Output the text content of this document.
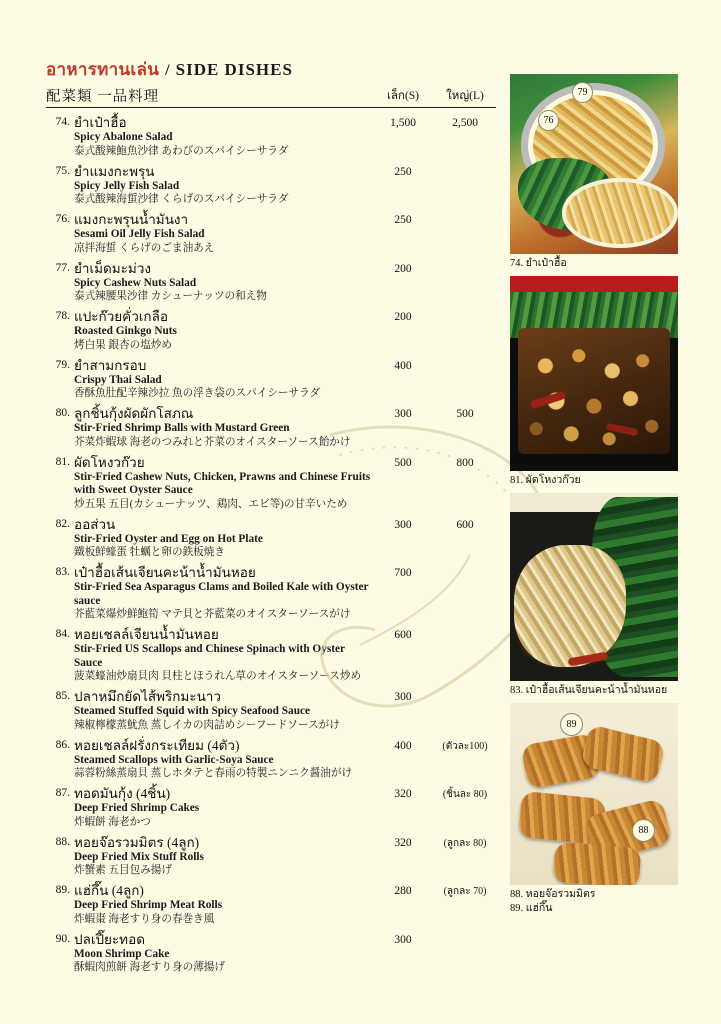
อาหารทานเล่น / SIDE DISHES
配菜類 一品料理	เล็ก(S)	ใหญ่(L)
74. ยำเป๋าฮื้อ
Spicy Abalone Salad
泰式酸辣鮑魚沙律 あわびのスパイシーサラダ
1,500	2,500
75. ยำแมงกะพรุน
Spicy Jelly Fish Salad
泰式酸辣海蜇沙律 くらげのスパイシーサラダ
250
76. แมงกะพรุนน้ำมันงา
Sesami Oil Jelly Fish Salad
凉拌海蜇 くらげのごま油あえ
250
77. ยำเม็ดมะม่วง
Spicy Cashew Nuts Salad
泰式辣腰果沙律 カシューナッツの和え物
200
78. แปะก๊วยคั่วเกลือ
Roasted Ginkgo Nuts
烤白果 銀杏の塩炒め
200
79. ยำสามกรอบ
Crispy Thai Salad
香酥魚肚配辛辣沙拉 魚の浮き袋のスパイシーサラダ
400
80. ลูกชิ้นกุ้งผัดผักโสภณ
Stir-Fried Shrimp Balls with Mustard Green
芥菜炸蝦球 海老のつみれと芥菜のオイスターソース飴かけ
300	500
81. ผัดโหงวก๊วย
Stir-Fried Cashew Nuts, Chicken, Prawns and Chinese Fruits with Sweet Oyster Sauce
炒五果 五目(カシューナッツ、鶏肉、エビ等)の甘辛いため
500	800
82. ออส่วน
Stir-Fried Oyster and Egg on Hot Plate
鐵板鮮蠔蛋 牡蠣と卵の鉄板焼き
300	600
83. เป๋าฮื้อเส้นเจียนคะน้าน้ำมันหอย
Stir-Fried Sea Asparagus Clams and Boiled Kale with Oyster sauce
芥藍菜爆炒鮮鮑筍 マテ貝と芥藍菜のオイスターソースがけ
700
84. หอยเชลล์เจียนน้ำมันหอย
Stir-Fried US Scallops and Chinese Spinach with Oyster Sauce
菠菜蠔油炒扇貝肉 貝柱とほうれん草のオイスターソース炒め
600
85. ปลาหมึกยัดไส้พริกมะนาว
Steamed Stuffed Squid with Spicy Seafood Sauce
辣椒檸檬蒸魷魚 蒸しイカの肉詰めシーフードソースがけ
300
86. หอยเชลล์ฝรั่งกระเทียม (4ตัว)
Steamed Scallops with Garlic-Soya Sauce
蒜蓉粉絲蒸扇貝 蒸しホタテと春雨の特製ニンニク醤油がけ
400	(ตัวละ100)
87. ทอดมันกุ้ง (4ชิ้น)
Deep Fried Shrimp Cakes
炸蝦餅 海老かつ
320	(ชิ้นละ 80)
88. หอยจ๊อรวมมิตร (4ลูก)
Deep Fried Mix Stuff Rolls
炸蟹素 五目包み揚げ
320	(ลูกละ 80)
89. แฮ่กึ๊น (4ลูก)
Deep Fried Shrimp Meat Rolls
炸蝦棗 海老すり身の春巻き風
280	(ลูกละ 70)
90. ปลเปี๊ยะทอด
Moon Shrimp Cake
酥蝦肉煎餅 海老すり身の薄揚げ
300
79
76
74. ยำเป๋าฮื้อ
81. ผัดโหงวก๊วย
83. เป๋าฮื้อเส้นเจียนคะน้าน้ำมันหอย
89
88
88. หอยจ๊อรวมมิตร
89. แฮ่กึ๊น
